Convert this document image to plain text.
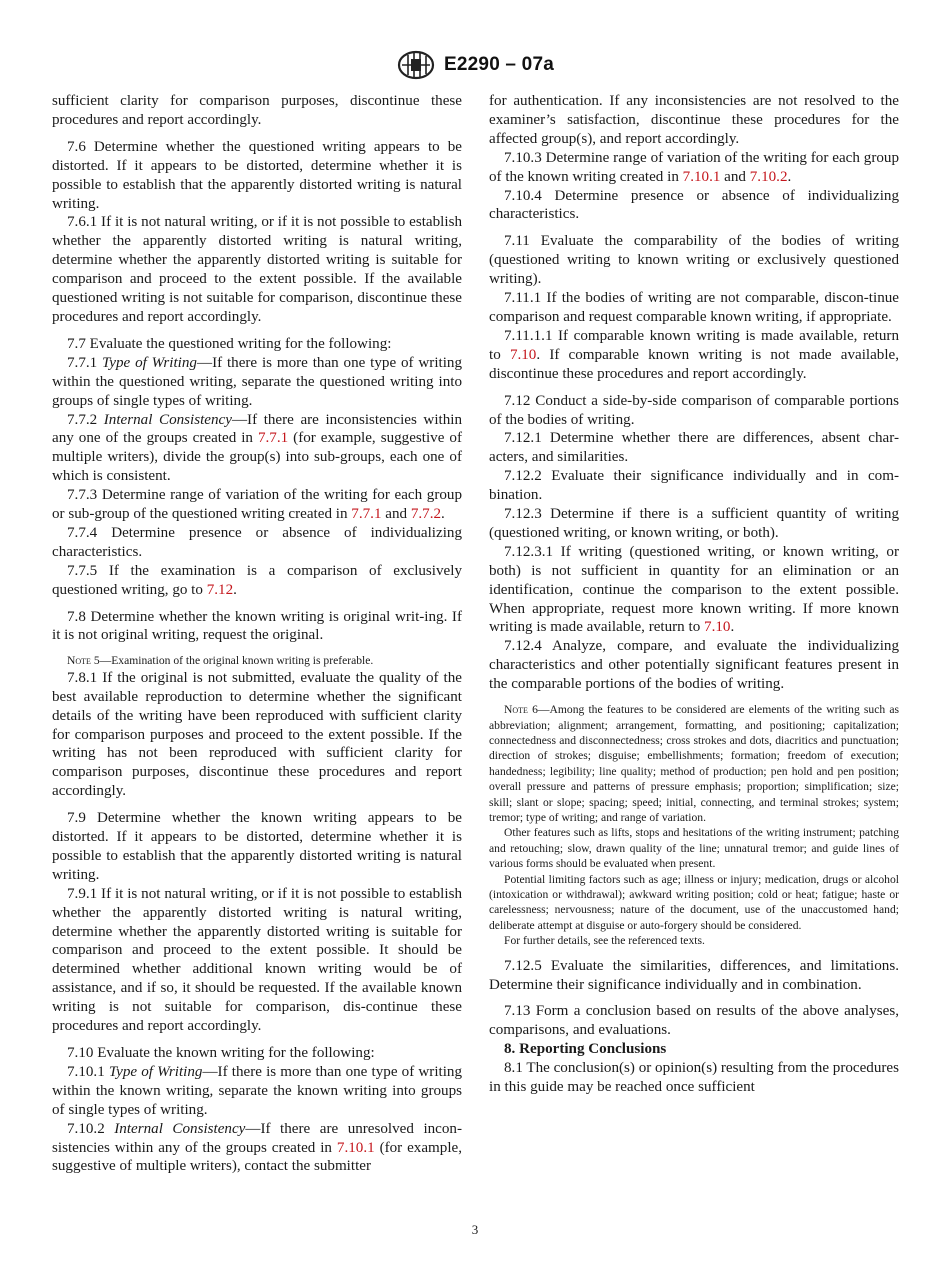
E2290 – 07a

sufficient clarity for comparison purposes, discontinue these procedures and report accordingly.

7.6 Determine whether the questioned writing appears to be distorted. If it appears to be distorted, determine whether it is possible to establish that the apparently distorted writing is natural writing.

7.6.1 If it is not natural writing, or if it is not possible to establish whether the apparently distorted writing is natural writing, determine whether the apparently distorted writing is suitable for comparison and proceed to the extent possible. If the available questioned writing is not suitable for comparison, discontinue these procedures and report accordingly.

7.7 Evaluate the questioned writing for the following:

7.7.1 Type of Writing—If there is more than one type of writing within the questioned writing, separate the questioned writing into groups of single types of writing.

7.7.2 Internal Consistency—If there are inconsistencies within any one of the groups created in 7.7.1 (for example, suggestive of multiple writers), divide the group(s) into sub-groups, each one of which is consistent.

7.7.3 Determine range of variation of the writing for each group or sub-group of the questioned writing created in 7.7.1 and 7.7.2.

7.7.4 Determine presence or absence of individualizing characteristics.

7.7.5 If the examination is a comparison of exclusively questioned writing, go to 7.12.

7.8 Determine whether the known writing is original writ-ing. If it is not original writing, request the original.

Note 5—Examination of the original known writing is preferable.

7.8.1 If the original is not submitted, evaluate the quality of the best available reproduction to determine whether the significant details of the writing have been reproduced with sufficient clarity for comparison purposes and proceed to the extent possible. If the writing has not been reproduced with sufficient clarity for comparison purposes, discontinue these procedures and report accordingly.

7.9 Determine whether the known writing appears to be distorted. If it appears to be distorted, determine whether it is possible to establish that the apparently distorted writing is natural writing.

7.9.1 If it is not natural writing, or if it is not possible to establish whether the apparently distorted writing is natural writing, determine whether the apparently distorted writing is suitable for comparison and proceed to the extent possible. It should be determined whether additional known writing would be of assistance, and if so, it should be requested. If the available known writing is not suitable for comparison, dis-continue these procedures and report accordingly.

7.10 Evaluate the known writing for the following:

7.10.1 Type of Writing—If there is more than one type of writing within the known writing, separate the known writing into groups of single types of writing.

7.10.2 Internal Consistency—If there are unresolved incon-sistencies within any of the groups created in 7.10.1 (for example, suggestive of multiple writers), contact the submitter

for authentication. If any inconsistencies are not resolved to the examiner’s satisfaction, discontinue these procedures for the affected group(s), and report accordingly.

7.10.3 Determine range of variation of the writing for each group of the known writing created in 7.10.1 and 7.10.2.

7.10.4 Determine presence or absence of individualizing characteristics.

7.11 Evaluate the comparability of the bodies of writing (questioned writing to known writing or exclusively questioned writing).

7.11.1 If the bodies of writing are not comparable, discon-tinue comparison and request comparable known writing, if appropriate.

7.11.1.1 If comparable known writing is made available, return to 7.10. If comparable known writing is not made available, discontinue these procedures and report accordingly.

7.12 Conduct a side-by-side comparison of comparable portions of the bodies of writing.

7.12.1 Determine whether there are differences, absent char-acters, and similarities.

7.12.2 Evaluate their significance individually and in com-bination.

7.12.3 Determine if there is a sufficient quantity of writing (questioned writing, or known writing, or both).

7.12.3.1 If writing (questioned writing, or known writing, or both) is not sufficient in quantity for an elimination or an identification, continue the comparison to the extent possible. When appropriate, request more known writing. If more known writing is made available, return to 7.10.

7.12.4 Analyze, compare, and evaluate the individualizing characteristics and other potentially significant features present in the comparable portions of the bodies of writing.

Note 6—Among the features to be considered are elements of the writing such as abbreviation; alignment; arrangement, formatting, and positioning; capitalization; connectedness and disconnectedness; cross strokes and dots, diacritics and punctuation; direction of strokes; disguise; embellishments; formation; freedom of execution; handedness; legibility; line quality; method of production; pen hold and pen position; overall pressure and patterns of pressure emphasis; proportion; simplification; size; skill; slant or slope; spacing; speed; initial, connecting, and terminal strokes; system; tremor; type of writing; and range of variation.

Other features such as lifts, stops and hesitations of the writing instrument; patching and retouching; slow, drawn quality of the line; unnatural tremor; and guide lines of various forms should be evaluated when present.

Potential limiting factors such as age; illness or injury; medication, drugs or alcohol (intoxication or withdrawal); awkward writing position; cold or heat; fatigue; haste or carelessness; nervousness; nature of the document, use of the unaccustomed hand; deliberate attempt at disguise or auto-forgery should be considered.

For further details, see the referenced texts.

7.12.5 Evaluate the similarities, differences, and limitations. Determine their significance individually and in combination.

7.13 Form a conclusion based on results of the above analyses, comparisons, and evaluations.

8. Reporting Conclusions

8.1 The conclusion(s) or opinion(s) resulting from the procedures in this guide may be reached once sufficient

3
